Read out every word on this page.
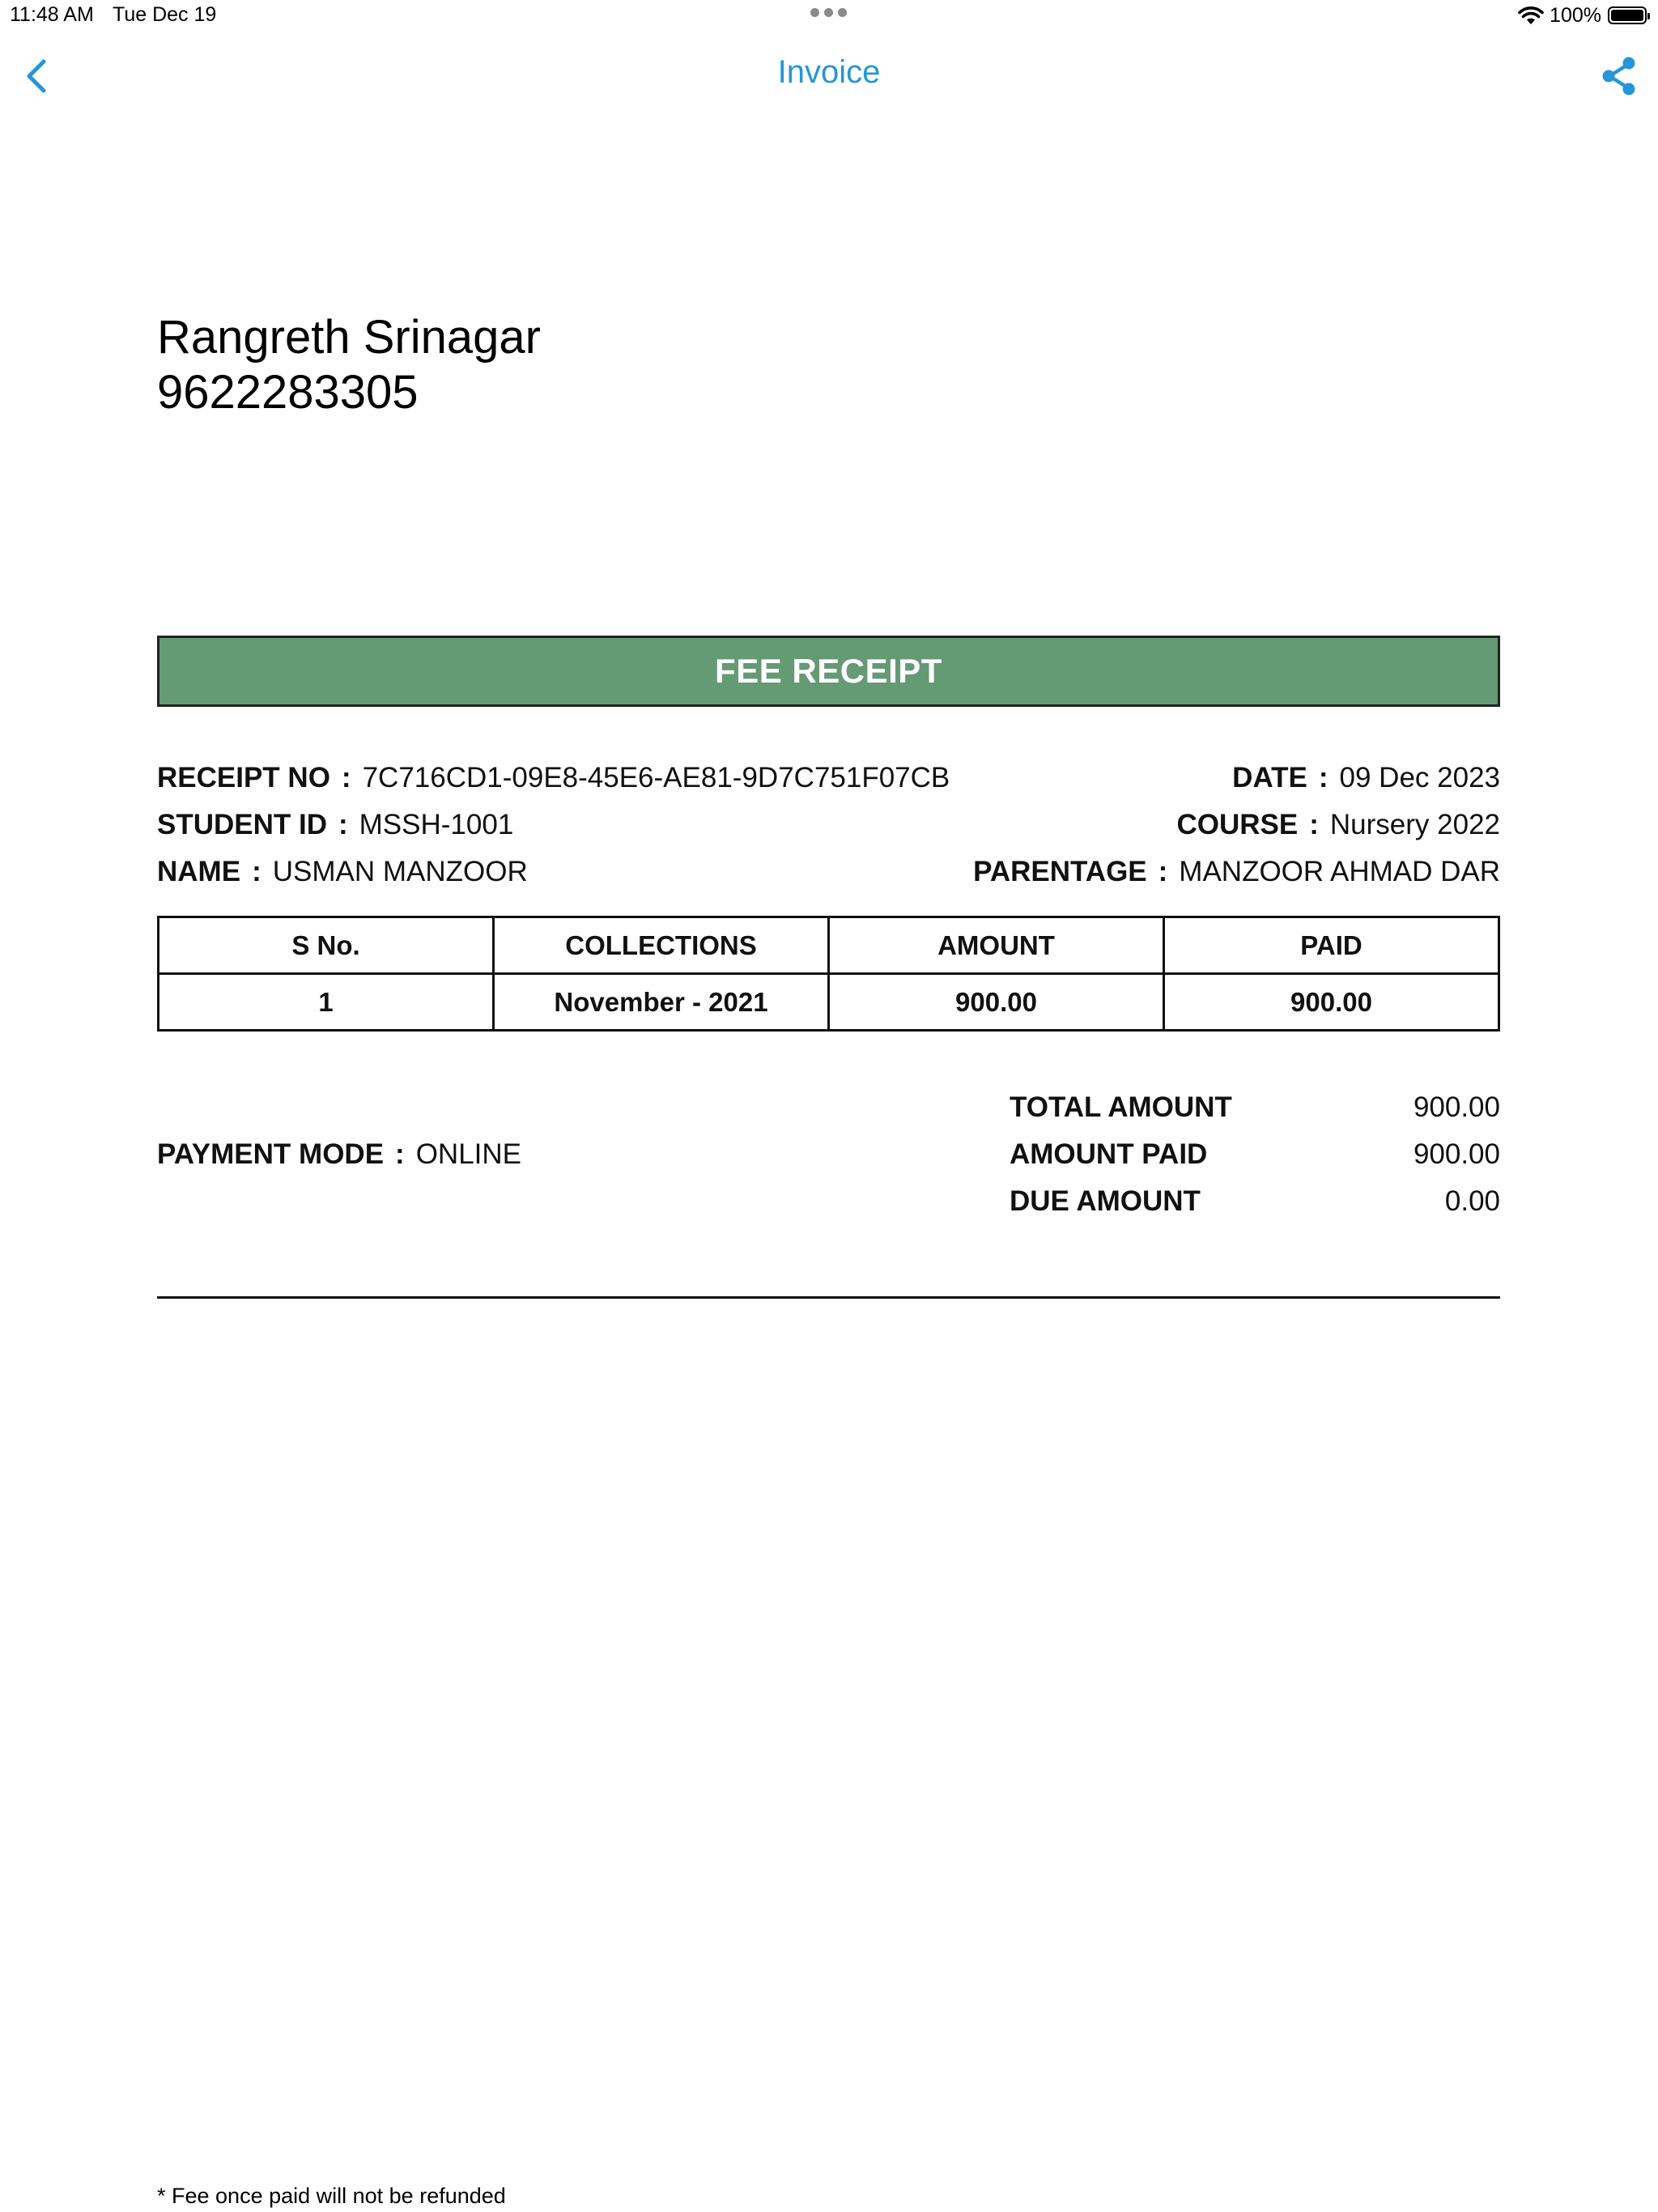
11:48 AM Tue Dec 19	100%
Invoice
Rangreth Srinagar
9622283305
FEE RECEIPT
RECEIPT NO : 7C716CD1-09E8-45E6-AE81-9D7C751F07CB	DATE : 09 Dec 2023
STUDENT ID : MSSH-1001	COURSE : Nursery 2022
NAME : USMAN MANZOOR	PARENTAGE : MANZOOR AHMAD DAR
S No.	COLLECTIONS	AMOUNT	PAID
1	November - 2021	900.00	900.00
PAYMENT MODE : ONLINE
TOTAL AMOUNT	900.00
AMOUNT PAID	900.00
DUE AMOUNT	0.00
* Fee once paid will not be refunded
